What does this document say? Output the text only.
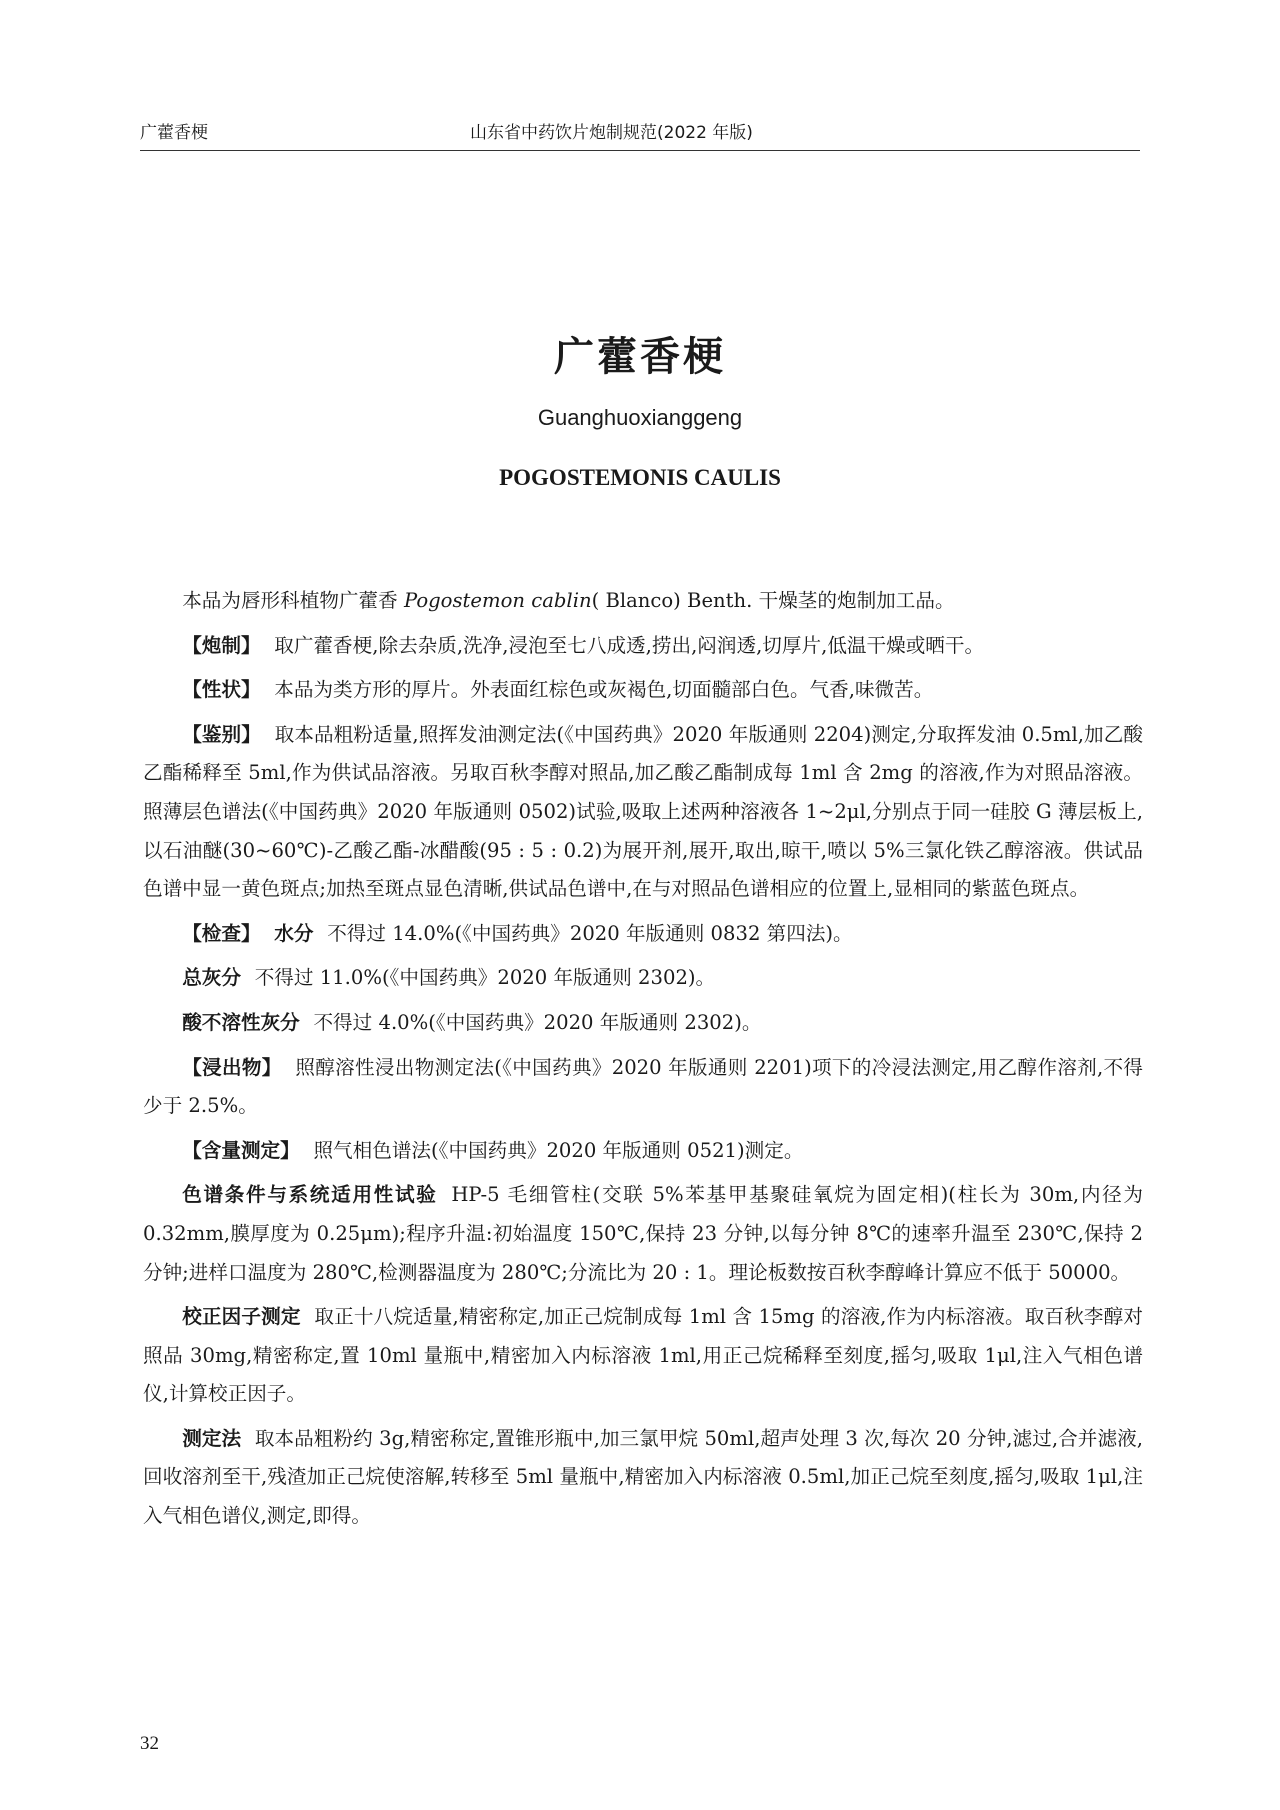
广藿香梗	山东省中药饮片炮制规范(2022 年版)
广藿香梗
Guanghuoxianggeng
POGOSTEMONIS CAULIS

本品为唇形科植物广藿香 Pogostemon cablin( Blanco) Benth. 干燥茎的炮制加工品。

【炮制】 取广藿香梗,除去杂质,洗净,浸泡至七八成透,捞出,闷润透,切厚片,低温干燥或晒干。

【性状】 本品为类方形的厚片。外表面红棕色或灰褐色,切面髓部白色。气香,味微苦。

【鉴别】 取本品粗粉适量,照挥发油测定法(《中国药典》2020 年版通则 2204)测定,分取挥发油 0.5ml,加乙酸乙酯稀释至 5ml,作为供试品溶液。另取百秋李醇对照品,加乙酸乙酯制成每 1ml 含 2mg 的溶液,作为对照品溶液。照薄层色谱法(《中国药典》2020 年版通则 0502)试验,吸取上述两种溶液各 1~2μl,分别点于同一硅胶 G 薄层板上,以石油醚(30~60℃)-乙酸乙酯-冰醋酸(95 : 5 : 0.2)为展开剂,展开,取出,晾干,喷以 5%三氯化铁乙醇溶液。供试品色谱中显一黄色斑点;加热至斑点显色清晰,供试品色谱中,在与对照品色谱相应的位置上,显相同的紫蓝色斑点。

【检查】 水分 不得过 14.0%(《中国药典》2020 年版通则 0832 第四法)。

总灰分 不得过 11.0%(《中国药典》2020 年版通则 2302)。

酸不溶性灰分 不得过 4.0%(《中国药典》2020 年版通则 2302)。

【浸出物】 照醇溶性浸出物测定法(《中国药典》2020 年版通则 2201)项下的冷浸法测定,用乙醇作溶剂,不得少于 2.5%。

【含量测定】 照气相色谱法(《中国药典》2020 年版通则 0521)测定。

色谱条件与系统适用性试验 HP-5 毛细管柱(交联 5%苯基甲基聚硅氧烷为固定相)(柱长为 30m,内径为 0.32mm,膜厚度为 0.25μm);程序升温:初始温度 150℃,保持 23 分钟,以每分钟 8℃的速率升温至 230℃,保持 2 分钟;进样口温度为 280℃,检测器温度为 280℃;分流比为 20 : 1。理论板数按百秋李醇峰计算应不低于 50000。

校正因子测定 取正十八烷适量,精密称定,加正己烷制成每 1ml 含 15mg 的溶液,作为内标溶液。取百秋李醇对照品 30mg,精密称定,置 10ml 量瓶中,精密加入内标溶液 1ml,用正己烷稀释至刻度,摇匀,吸取 1μl,注入气相色谱仪,计算校正因子。

测定法 取本品粗粉约 3g,精密称定,置锥形瓶中,加三氯甲烷 50ml,超声处理 3 次,每次 20 分钟,滤过,合并滤液,回收溶剂至干,残渣加正己烷使溶解,转移至 5ml 量瓶中,精密加入内标溶液 0.5ml,加正己烷至刻度,摇匀,吸取 1μl,注入气相色谱仪,测定,即得。

32
